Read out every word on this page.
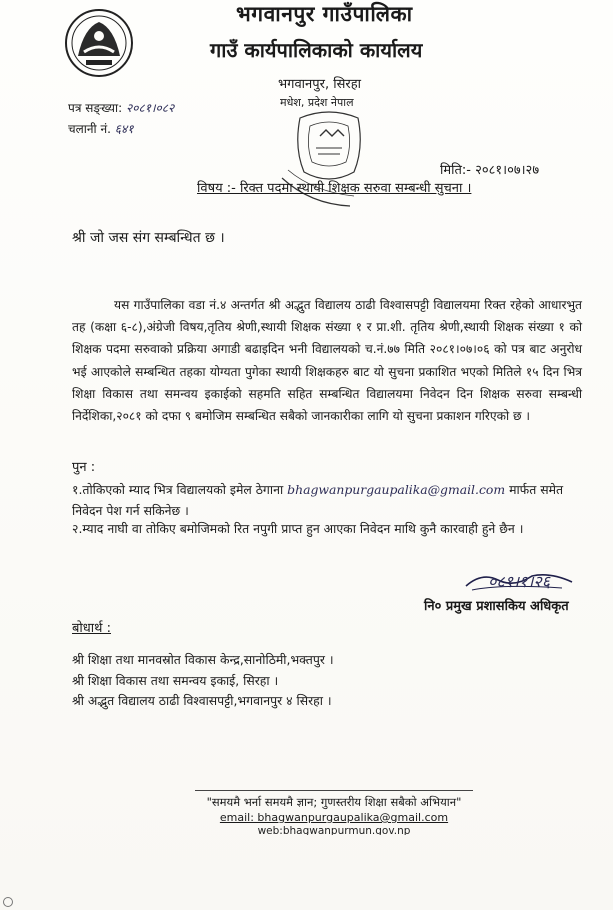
भगवानपुर गाउँपालिका
गाउँ कार्यपालिकाको कार्यालय
भगवानपुर, सिरहा
मधेश, प्रदेश नेपाल
पत्र सङ्ख्या: २०८१।०८२
चलानी नं. ६४१
मिति:- २०८१।०७।२७
विषय :- रिक्त पदमा स्थायी शिक्षक सरुवा सम्बन्धी सुचना ।
श्री जो जस संग सम्बन्धित छ ।
यस गाउँपालिका वडा नं.४ अन्तर्गत श्री अद्भुत विद्यालय ठाढी विश्वासपट्टी विद्यालयमा रिक्त रहेको आधारभुत तह (कक्षा ६-८),अंग्रेजी विषय,तृतिय श्रेणी,स्थायी शिक्षक संख्या १ र प्रा.शी. तृतिय श्रेणी,स्थायी शिक्षक संख्या १ को शिक्षक पदमा सरुवाको प्रक्रिया अगाडी बढाइदिन भनी विद्यालयको च.नं.७७ मिति २०८१।०७।०६ को पत्र बाट अनुरोध भई आएकोले सम्बन्धित तहका योग्यता पुगेका स्थायी शिक्षकहरु बाट यो सुचना प्रकाशित भएको मितिले १५ दिन भित्र शिक्षा विकास तथा समन्वय इकाईको सहमति सहित सम्बन्धित विद्यालयमा निवेदन दिन शिक्षक सरुवा सम्बन्धी निर्देशिका,२०८१ को दफा ९ बमोजिम सम्बन्धित सबैको जानकारीका लागि यो सुचना प्रकाशन गरिएको छ ।
पुन :
१.तोकिएको म्याद भित्र विद्यालयको इमेल ठेगाना bhagwanpurgaupalika@gmail.com मार्फत समेत निवेदन पेश गर्न सकिनेछ ।
२.म्याद नाघी वा तोकिए बमोजिमको रित नपुगी प्राप्त हुन आएका निवेदन माथि कुनै कारवाही हुने छैन ।
०८१।१।२६
नि० प्रमुख प्रशासकिय अधिकृत
बोधार्थ :
श्री शिक्षा तथा मानवस्रोत विकास केन्द्र,सानोठिमी,भक्तपुर ।
श्री शिक्षा विकास तथा समन्वय इकाई, सिरहा ।
श्री अद्भुत विद्यालय ठाढी विश्वासपट्टी,भगवानपुर ४ सिरहा ।
"समयमै भर्ना समयमै ज्ञान; गुणस्तरीय शिक्षा सबैको अभियान"
email: bhagwanpurgaupalika@gmail.com
web:bhagwanpurmun.gov.np
